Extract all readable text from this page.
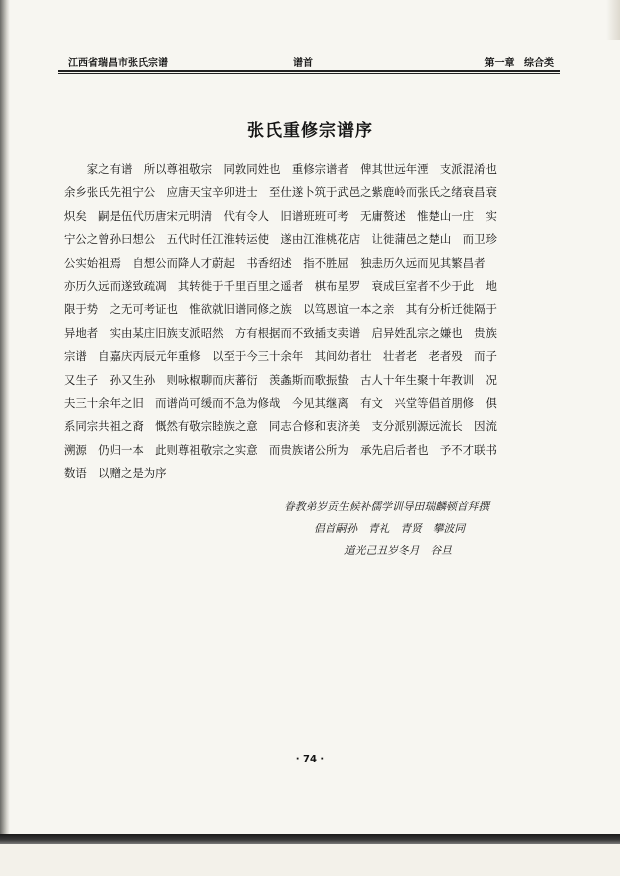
江西省瑞昌市张氏宗谱	谱首	第一章 综合类
张氏重修宗谱序
　　家之有谱　所以尊祖敬宗　同敦同姓也　重修宗谱者　俾其世远年湮　支派混淆也
余乡张氏先祖宁公　应唐天宝辛卯进士　至仕遂卜筑于武邑之紫鹿岭而张氏之绪衰昌衰
炽矣　嗣是伍代历唐宋元明清　代有令人　旧谱班班可考　无庸赘述　惟楚山一庄　实
宁公之曾孙曰想公　五代时任江淮转运使　遂由江淮桃花店　让徙蒲邑之楚山　而卫珍
公实始祖焉　自想公而降人才蔚起　书香绍述　指不胜屈　独恚历久远而见其繁昌者
亦历久远而遂致疏凋　其转徙于千里百里之遥者　棋布星罗　衰成巨室者不少于此　地
限于势　之无可考证也　惟欲就旧谱同修之族　以笃恩谊一本之亲　其有分析迁徙隔于
异地者　实由某庄旧族支派昭然　方有根据而不致插支卖谱　启异姓乱宗之嫌也　贵族
宗谱　自嘉庆丙辰元年重修　以至于今三十余年　其间幼者壮　壮者老　老者殁　而子
又生子　孙又生孙　则咏椒聊而庆蕃衍　羡螽斯而歌振蛰　古人十年生聚十年教训　况
夫三十余年之旧　而谱尚可缓而不急为修哉　今见其继离　有文　兴堂等倡首朋修　俱
系同宗共祖之裔　慨然有敬宗睦族之意　同志合修和衷济美　支分派别源远流长　因流
溯源　仍归一本　此则尊祖敬宗之实意　而贵族诸公所为　承先启后者也　予不才联书
数语　以赠之是为序
眷教弟岁贡生候补儒学训导田瑞麟顿首拜撰
倡首嗣孙　青礼　青贤　攀波同
道光己丑岁冬月　谷旦
· 74 ·
